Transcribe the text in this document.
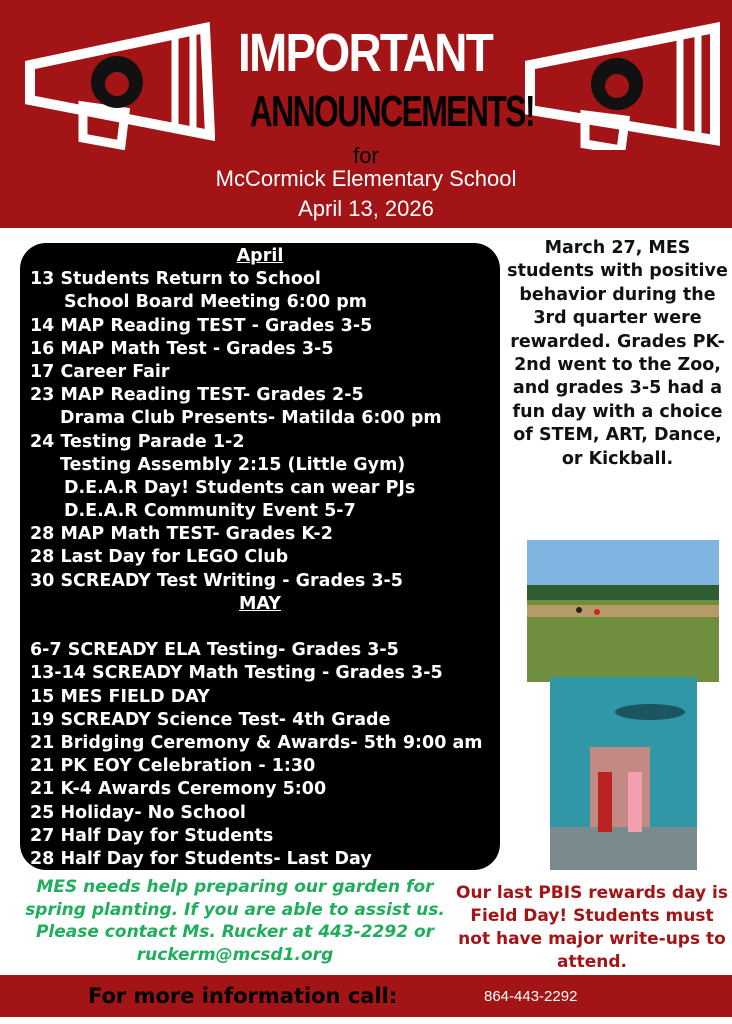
IMPORTANT
ANNOUNCEMENTS!
for
McCormick Elementary School
April 13, 2026
April
13 Students Return to School
School Board Meeting 6:00 pm
14 MAP Reading TEST - Grades 3-5
16 MAP Math Test - Grades 3-5
17 Career Fair
23 MAP Reading TEST- Grades 2-5
Drama Club Presents- Matilda 6:00 pm
24 Testing Parade 1-2
Testing Assembly 2:15 (Little Gym)
D.E.A.R Day! Students can wear PJs
D.E.A.R Community Event 5-7
28 MAP Math TEST- Grades K-2
28 Last Day for LEGO Club
30 SCREADY Test Writing - Grades 3-5
MAY
6-7 SCREADY ELA Testing- Grades 3-5
13-14 SCREADY Math Testing - Grades 3-5
15 MES FIELD DAY
19 SCREADY Science Test- 4th Grade
21 Bridging Ceremony & Awards- 5th 9:00 am
21 PK EOY Celebration - 1:30
21 K-4 Awards Ceremony 5:00
25 Holiday- No School
27 Half Day for Students
28 Half Day for Students- Last Day
March 27, MES students with positive behavior during the 3rd quarter were rewarded. Grades PK-2nd went to the Zoo, and grades 3-5 had a fun day with a choice of STEM, ART, Dance, or Kickball.
MES needs help preparing our garden for spring planting. If you are able to assist us. Please contact Ms. Rucker at 443-2292 or ruckerm@mcsd1.org
Our last PBIS rewards day is Field Day! Students must not have major write-ups to attend.
For more information call:	864-443-2292
